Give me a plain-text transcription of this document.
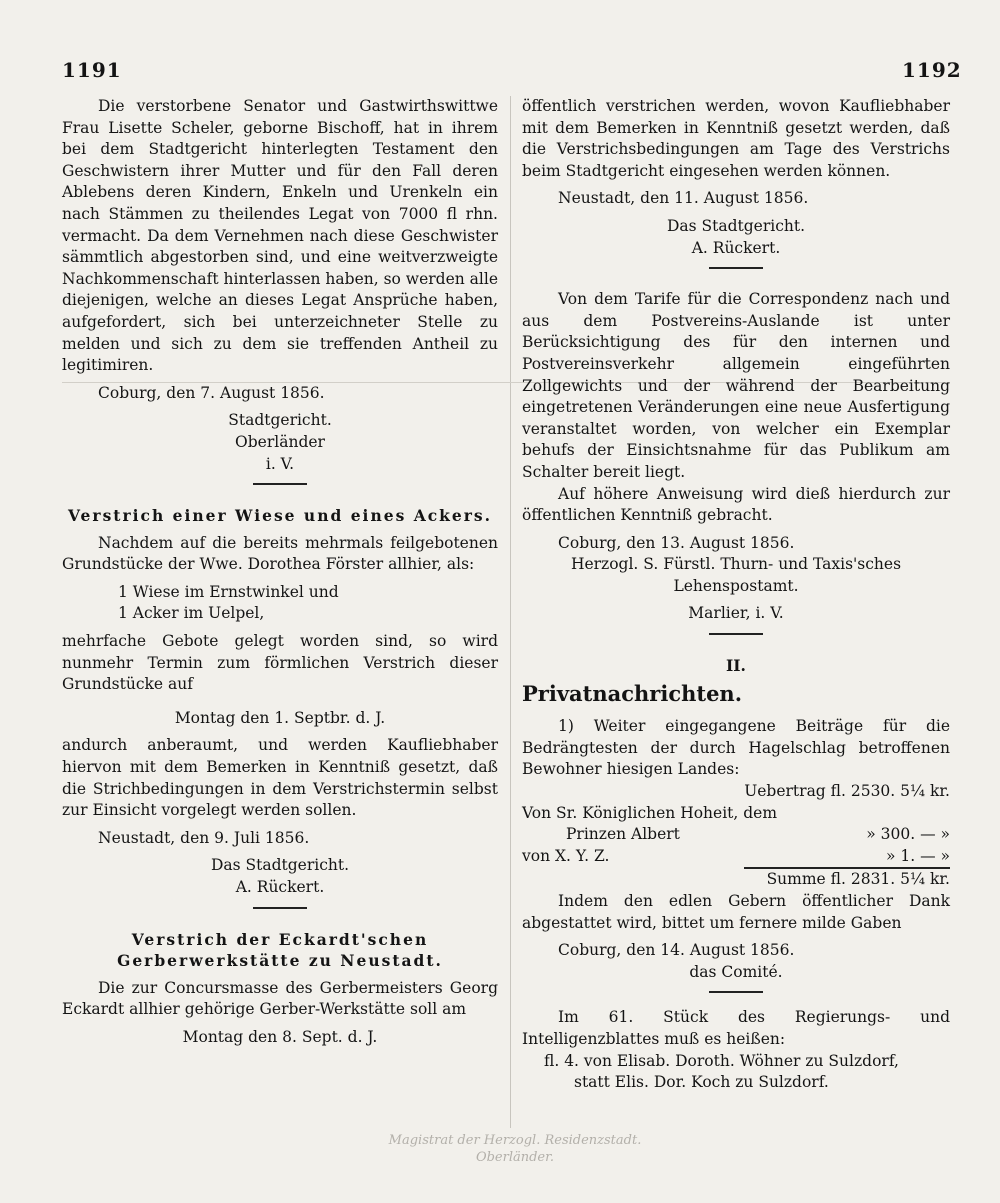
1191	1192

Die verstorbene Senator und Gastwirthswittwe Frau Lisette Scheler, geborne Bischoff, hat in ihrem bei dem Stadtgericht hinterlegten Testament den Geschwistern ihrer Mutter und für den Fall deren Ablebens deren Kindern, Enkeln und Urenkeln ein nach Stämmen zu theilendes Legat von 7000 fl rhn. vermacht. Da dem Vernehmen nach diese Geschwister sämmtlich abgestorben sind, und eine weitverzweigte Nachkommenschaft hinterlassen haben, so werden alle diejenigen, welche an dieses Legat Ansprüche haben, aufgefordert, sich bei unterzeichneter Stelle zu melden und sich zu dem sie treffenden Antheil zu legitimiren.

Coburg, den 7. August 1856.

Stadtgericht.

Oberländer

i. V.

Verstrich einer Wiese und eines Ackers.

Nachdem auf die bereits mehrmals feilgebotenen Grundstücke der Wwe. Dorothea Förster allhier, als:

1 Wiese im Ernstwinkel und

1 Acker im Uelpel,

mehrfache Gebote gelegt worden sind, so wird nunmehr Termin zum förmlichen Verstrich dieser Grundstücke auf

Montag den 1. Septbr. d. J.

andurch anberaumt, und werden Kaufliebhaber hiervon mit dem Bemerken in Kenntniß gesetzt, daß die Strichbedingungen in dem Verstrichstermin selbst zur Einsicht vorgelegt werden sollen.

Neustadt, den 9. Juli 1856.

Das Stadtgericht.

A. Rückert.

Verstrich der Eckardt'schen Gerberwerkstätte zu Neustadt.

Die zur Concursmasse des Gerbermeisters Georg Eckardt allhier gehörige Gerber-Werkstätte soll am

Montag den 8. Sept. d. J.

öffentlich verstrichen werden, wovon Kaufliebhaber mit dem Bemerken in Kenntniß gesetzt werden, daß die Verstrichsbedingungen am Tage des Verstrichs beim Stadtgericht eingesehen werden können.

Neustadt, den 11. August 1856.

Das Stadtgericht.

A. Rückert.

Von dem Tarife für die Correspondenz nach und aus dem Postvereins-Auslande ist unter Berücksichtigung des für den internen und Postvereinsverkehr allgemein eingeführten Zollgewichts und der während der Bearbeitung eingetretenen Veränderungen eine neue Ausfertigung veranstaltet worden, von welcher ein Exemplar behufs der Einsichtsnahme für das Publikum am Schalter bereit liegt.

Auf höhere Anweisung wird dieß hierdurch zur öffentlichen Kenntniß gebracht.

Coburg, den 13. August 1856.

Herzogl. S. Fürstl. Thurn- und Taxis'sches Lehenspostamt.

Marlier, i. V.

II.

Privatnachrichten.

1) Weiter eingegangene Beiträge für die Bedrängtesten der durch Hagelschlag betroffenen Bewohner hiesigen Landes:

Uebertrag fl. 2530. 5¼ kr.

Von Sr. Königlichen Hoheit, dem

Prinzen Albert	» 300. — »
von X. Y. Z.	» 1. — »

Summe fl. 2831. 5¼ kr.

Indem den edlen Gebern öffentlicher Dank abgestattet wird, bittet um fernere milde Gaben

Coburg, den 14. August 1856.

das Comité.

Im 61. Stück des Regierungs- und Intelligenzblattes muß es heißen:

fl. 4. von Elisab. Doroth. Wöhner zu Sulzdorf,

statt Elis. Dor. Koch zu Sulzdorf.

Magistrat der Herzogl. Residenzstadt.
Oberländer.
